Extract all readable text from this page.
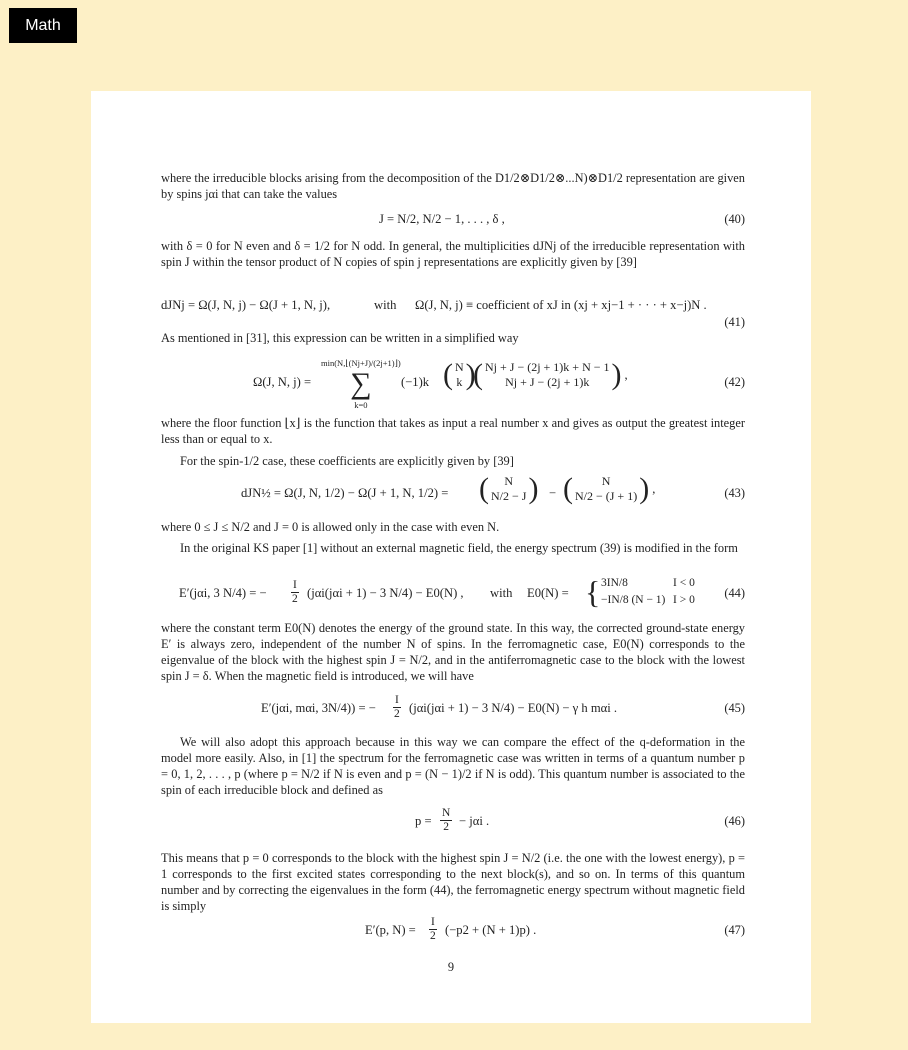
Math
where the irreducible blocks arising from the decomposition of the D1/2⊗D1/2⊗...N)⊗D1/2 representation are given by spins jαi that can take the values
J = N/2, N/2 − 1, . . . , δ ,	(40)
with δ = 0 for N even and δ = 1/2 for N odd. In general, the multiplicities dJNj of the irreducible representation with spin J within the tensor product of N copies of spin j representations are explicitly given by [39]
dJNj = Ω(J, N, j) − Ω(J + 1, N, j),	with Ω(J, N, j) ≡ coefficient of xJ in (xj + xj−1 + · · · + x−j)N .
(41)
As mentioned in [31], this expression can be written in a simplified way
Ω(J, N, j) =
min(N,⌊(Nj+J)/(2j+1)⌋)
∑
k=0
(−1)k ( N
k )
( Nj + J − (2j + 1)k + N − 1
Nj + J − (2j + 1)k ) ,
(42)
where the floor function ⌊x⌋ is the function that takes as input a real number x and gives as output the greatest integer less than or equal to x.
For the spin-1/2 case, these coefficients are explicitly given by [39]
dJN½ = Ω(J, N, 1/2) − Ω(J + 1, N, 1/2) = ( N
N/2 − J ) − ( N
N/2 − (J + 1) ) ,	(43)
where 0 ≤ J ≤ N/2 and J = 0 is allowed only in the case with even N.
In the original KS paper [1] without an external magnetic field, the energy spectrum (39) is modified in the form
E′(jαi, 3 N/4) = − $\frac{I}{2} (j\alpha i(j\alpha i + 1) - 3$ N/4) − E0(N) , with E0(N) = { 3IN/8	I < 0
−IN/8 (N − 1) I > 0 (44)
where the constant term E0(N) denotes the energy of the ground state. In this way, the corrected ground-state energy E′ is always zero, independent of the number N of spins. In the ferromagnetic case, E0(N) corresponds to the eigenvalue of the block with the highest spin J = N/2, and in the antiferromagnetic case to the block with the lowest spin J = δ. When the magnetic field is introduced, we will have
E′(jαi, mαi, 3N/4)) = − $\frac{I}{2} (j\alpha i(j\alpha i + 1) - 3$ N/4) − E0(N) − γ h mαi .	(45)
We will also adopt this approach because in this way we can compare the effect of the q-deformation in the model more easily. Also, in [1] the spectrum for the ferromagnetic case was written in terms of a quantum number p = 0, 1, 2, . . . , p (where p = N/2 if N is even and p = (N − 1)/2 if N is odd). This quantum number is associated to the spin of each irreducible block and defined as
$p = \frac{N}{2} - j\alpha i$ .	(46)
This means that p = 0 corresponds to the block with the highest spin J = N/2 (i.e. the one with the lowest energy), p = 1 corresponds to the first excited states corresponding to the next block(s), and so on. In terms of this quantum number and by correcting the eigenvalues in the form (44), the ferromagnetic energy spectrum without magnetic field is simply
E′(p, $N) = \frac{I}{2} (-p2 + (N + 1)p)$ .	(47)
9
